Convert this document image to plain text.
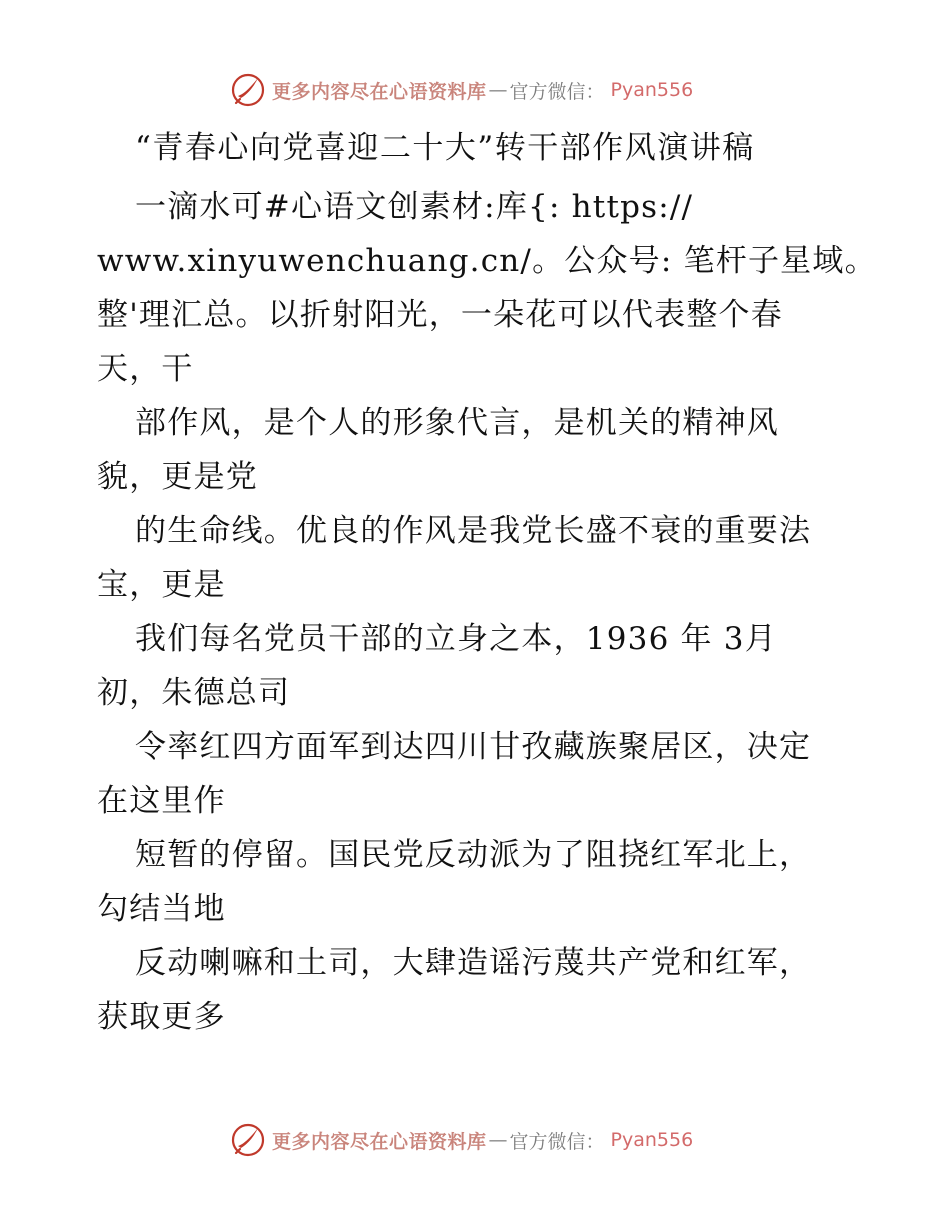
更多内容尽在心语资料库 — 官方微信： Pyan556
“青春心向党喜迎二十大”转干部作风演讲稿
一滴水可#心语文创素材:库{: https://
www.xinyuwenchuang.cn/。公众号: 笔杆子星域。
整'理汇总。以折射阳光，一朵花可以代表整个春
天，干
部作风，是个人的形象代言，是机关的精神风
貌，更是党
的生命线。优良的作风是我党长盛不衰的重要法
宝，更是
我们每名党员干部的立身之本，1936 年 3月
初，朱德总司
令率红四方面军到达四川甘孜藏族聚居区，决定
在这里作
短暂的停留。国民党反动派为了阻挠红军北上，
勾结当地
反动喇嘛和土司，大肆造谣污蔑共产党和红军，
获取更多
更多内容尽在心语资料库 — 官方微信： Pyan556
